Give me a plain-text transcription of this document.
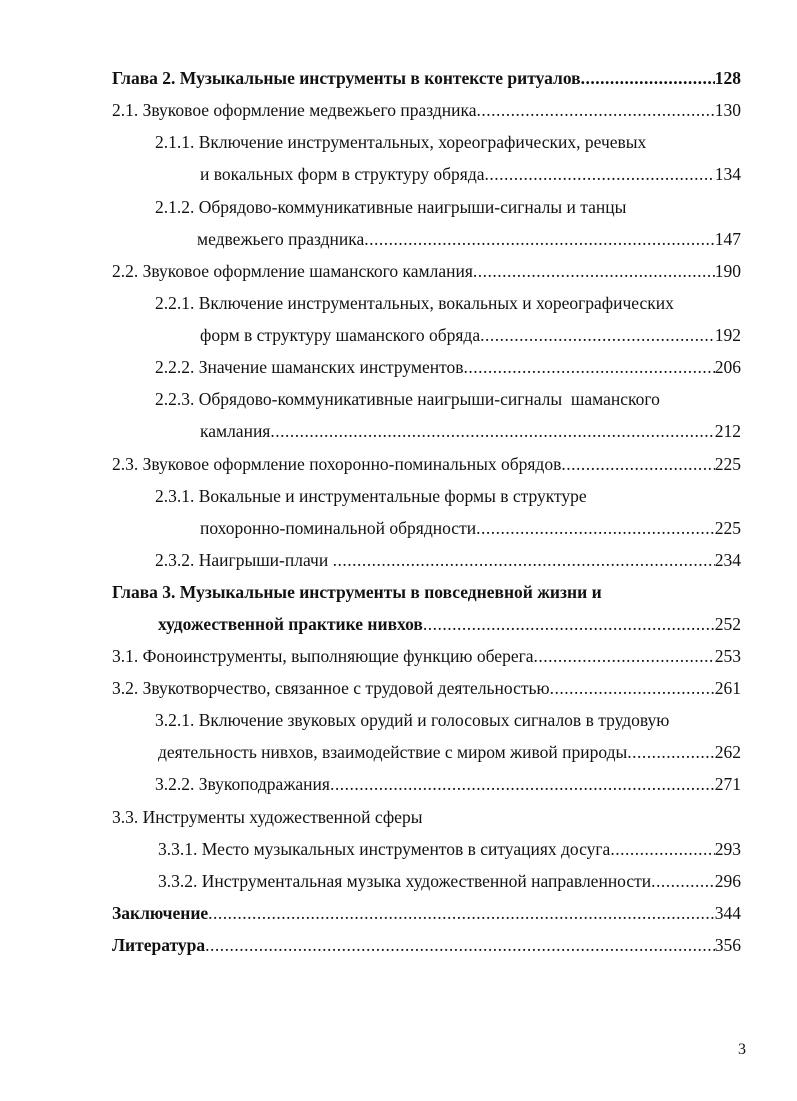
Глава 2. Музыкальные инструменты в контексте ритуалов .....	128
2.1. Звуковое оформление медвежьего праздника .....	130
2.1.1. Включение инструментальных, хореографических, речевых
и вокальных форм в структуру обряда .....	134
2.1.2. Обрядово-коммуникативные наигрыши-сигналы и танцы
медвежьего праздника .....	147
2.2. Звуковое оформление шаманского камлания .....	190
2.2.1. Включение инструментальных, вокальных и хореографических
форм в структуру шаманского обряда .....	192
2.2.2. Значение шаманских инструментов .....	206
2.2.3. Обрядово-коммуникативные наигрыши-сигналы  шаманского
камлания .....	212
2.3. Звуковое оформление похоронно-поминальных обрядов .....	225
2.3.1. Вокальные и инструментальные формы в структуре
похоронно-поминальной обрядности .....	225
2.3.2. Наигрыши-плачи .....	234
Глава 3. Музыкальные инструменты в повседневной жизни и
художественной практике нивхов .....	252
3.1. Фоноинструменты, выполняющие функцию оберега .....	253
3.2. Звукотворчество, связанное с трудовой деятельностью .....	261
3.2.1. Включение звуковых орудий и голосовых сигналов в трудовую
деятельность нивхов, взаимодействие с миром живой природы .....	262
3.2.2. Звукоподражания .....	271
3.3. Инструменты художественной сферы
3.3.1. Место музыкальных инструментов в ситуациях досуга .....	293
3.3.2. Инструментальная музыка художественной направленности .....	296
Заключение .....	344
Литература .....	356
3
